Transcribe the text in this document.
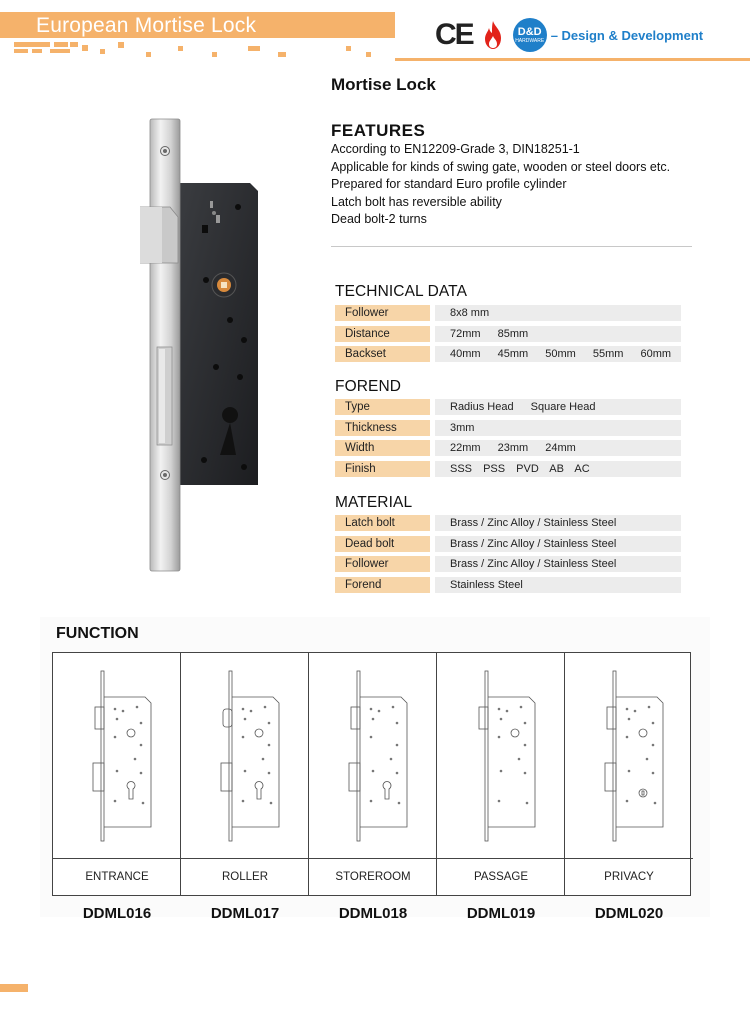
European Mortise Lock	CE	D&D
HARDWARE – Design & Development
Mortise Lock
FEATURES
According to EN12209-Grade 3, DIN18251-1
Applicable for kinds of swing gate, wooden or steel doors etc.
Prepared for standard Euro profile cylinder
Latch bolt has reversible ability
Dead bolt-2 turns
TECHNICAL DATA
Follower	8x8 mm
Distance	72mm 85mm
Backset	40mm 45mm 50mm 55mm 60mm
FOREND
Type	Radius Head Square Head
Thickness	3mm
Width	22mm 23mm 24mm
Finish	SSS PSS PVD AB AC
MATERIAL
Latch bolt	Brass / Zinc Alloy / Stainless Steel
Dead bolt	Brass / Zinc Alloy / Stainless Steel
Follower	Brass / Zinc Alloy / Stainless Steel
Forend	Stainless Steel
FUNCTION
ENTRANCE	ROLLER	STOREROOM	PASSAGE	PRIVACY
DDML016	DDML017	DDML018	DDML019	DDML020
